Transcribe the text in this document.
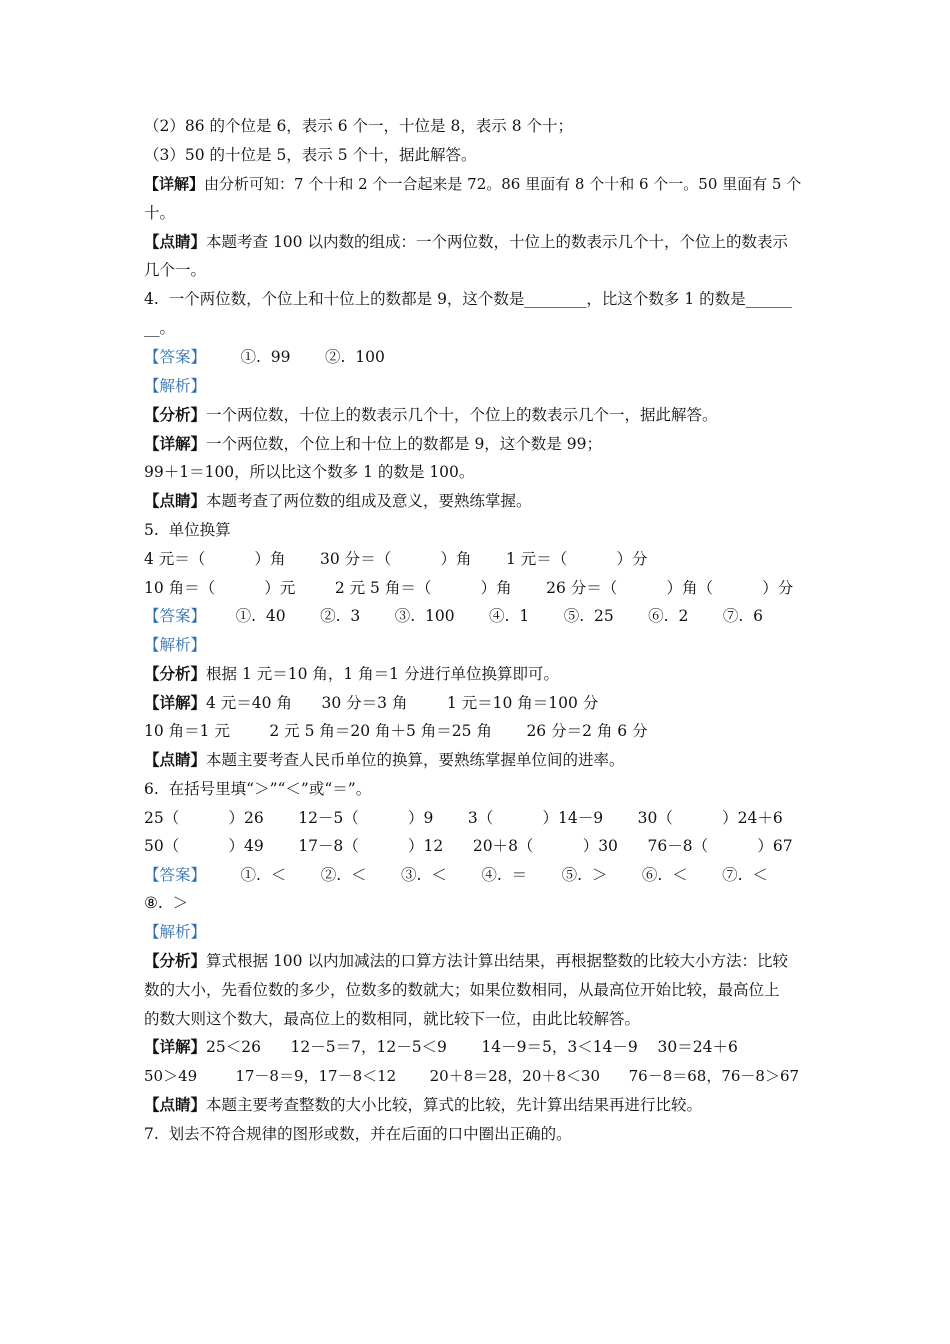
（2）86 的个位是 6，表示 6 个一，十位是 8，表示 8 个十；
（3）50 的十位是 5，表示 5 个十，据此解答。
【详解】由分析可知：7 个十和 2 个一合起来是 72。86 里面有 8 个十和 6 个一。50 里面有 5 个
十。
【点睛】本题考查 100 以内数的组成：一个两位数，十位上的数表示几个十，个位上的数表示
几个一。
4.  一个两位数，个位上和十位上的数都是 9，这个数是________，比这个数多 1 的数是______
__。
【答案】       ①.  99       ②.  100
【解析】
【分析】一个两位数，十位上的数表示几个十，个位上的数表示几个一，据此解答。
【详解】一个两位数，个位上和十位上的数都是 9，这个数是 99；
99＋1＝100，所以比这个数多 1 的数是 100。
【点睛】本题考查了两位数的组成及意义，要熟练掌握。
5.  单位换算
4 元＝（          ）角       30 分＝（          ）角       1 元＝（          ）分
10 角＝（          ）元        2 元 5 角＝（          ）角       26 分＝（          ）角（          ）分
【答案】      ①.  40       ②.  3       ③.  100       ④.  1       ⑤.  25       ⑥.  2       ⑦.  6
【解析】
【分析】根据 1 元＝10 角，1 角＝1 分进行单位换算即可。
【详解】4 元＝40 角      30 分＝3 角        1 元＝10 角＝100 分
10 角＝1 元        2 元 5 角＝20 角＋5 角＝25 角       26 分＝2 角 6 分
【点睛】本题主要考查人民币单位的换算，要熟练掌握单位间的进率。
6.  在括号里填“＞”“＜”或“＝”。
25（          ）26       12－5（          ）9       3（          ）14－9       30（          ）24＋6
50（          ）49       17－8（          ）12      20＋8（          ）30      76－8（          ）67
【答案】       ①.  ＜       ②.  ＜       ③.  ＜       ④.  ＝       ⑤.  ＞       ⑥.  ＜       ⑦.  ＜
⑧.  ＞
【解析】
【分析】算式根据 100 以内加减法的口算方法计算出结果，再根据整数的比较大小方法：比较
数的大小，先看位数的多少，位数多的数就大；如果位数相同，从最高位开始比较，最高位上
的数大则这个数大，最高位上的数相同，就比较下一位，由此比较解答。
【详解】25＜26      12－5＝7，12－5＜9       14－9＝5，3＜14－9    30＝24＋6
50＞49        17－8＝9，17－8＜12       20＋8＝28，20＋8＜30      76－8＝68，76－8＞67
【点睛】本题主要考查整数的大小比较，算式的比较，先计算出结果再进行比较。
7.  划去不符合规律的图形或数，并在后面的口中圈出正确的。
